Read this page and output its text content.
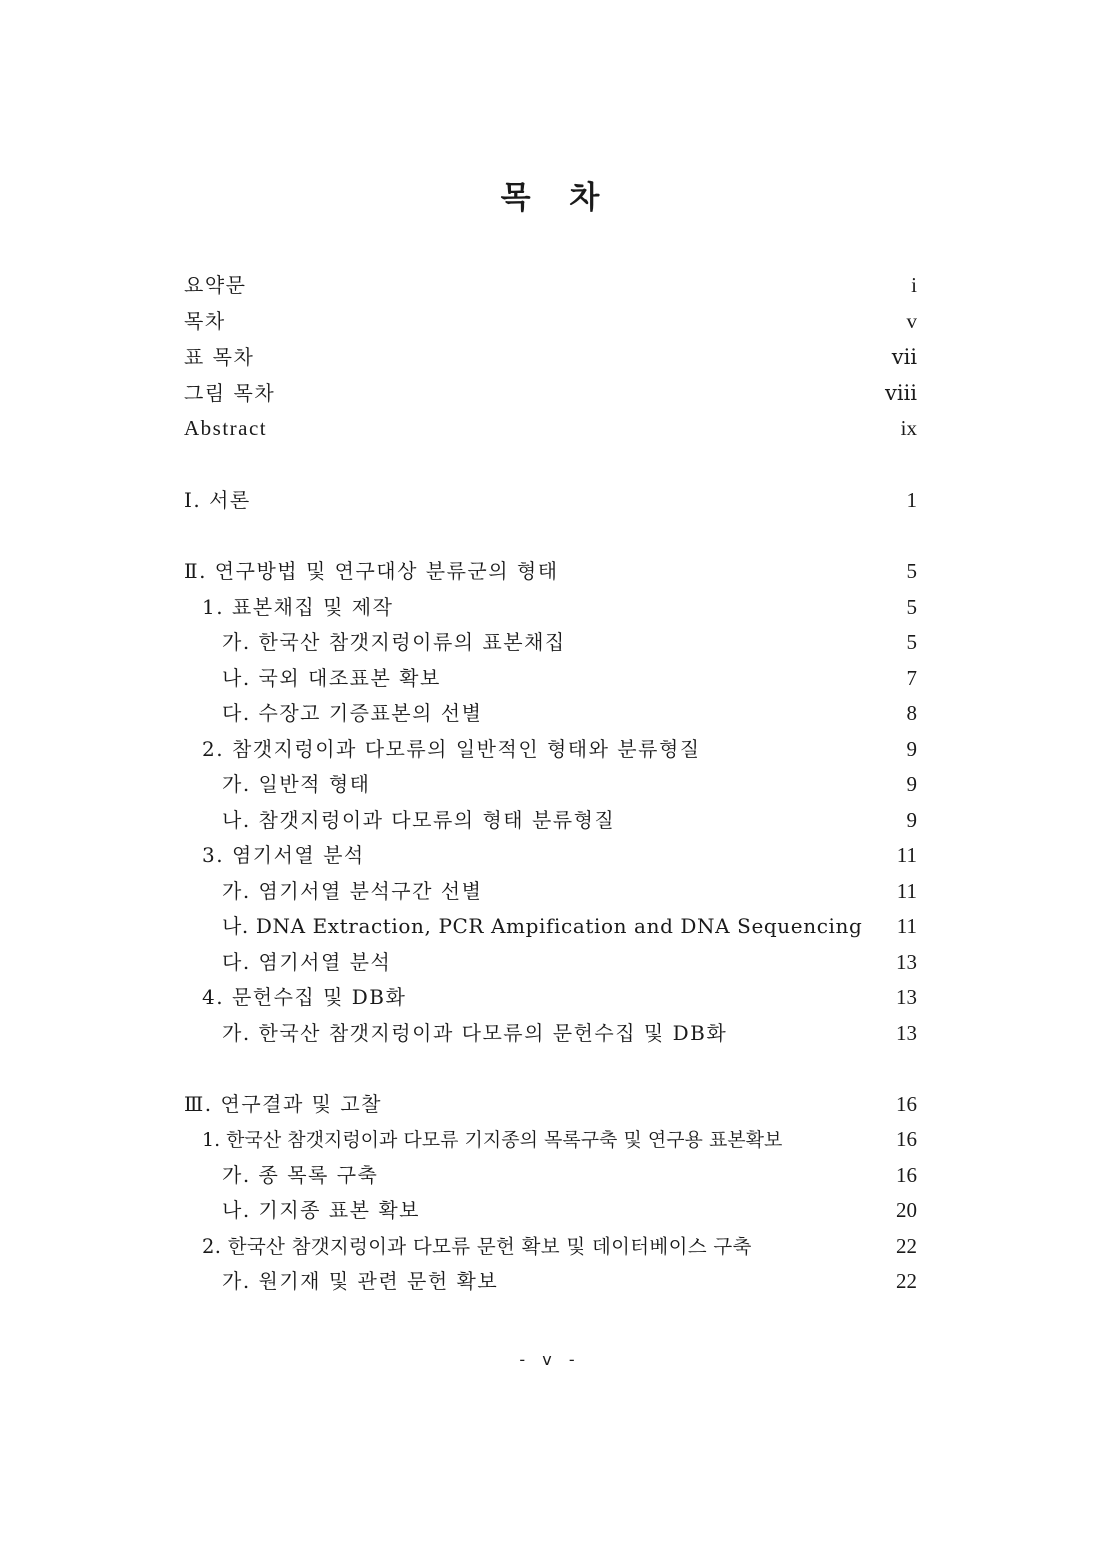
목 차
요약문	i
목차	v
표 목차	ⅶ
그림 목차	ⅷ
Abstract	ix
Ⅰ. 서론	1
Ⅱ. 연구방법 및 연구대상 분류군의 형태	5
1. 표본채집 및 제작	5
가. 한국산 참갯지렁이류의 표본채집	5
나. 국외 대조표본 확보	7
다. 수장고 기증표본의 선별	8
2. 참갯지렁이과 다모류의 일반적인 형태와 분류형질	9
가. 일반적 형태	9
나. 참갯지렁이과 다모류의 형태 분류형질	9
3. 염기서열 분석	11
가. 염기서열 분석구간 선별	11
나. DNA Extraction, PCR Ampification and DNA Sequencing 11
다. 염기서열 분석	13
4. 문헌수집 및 DB화	13
가. 한국산 참갯지렁이과 다모류의 문헌수집 및 DB화	13
Ⅲ. 연구결과 및 고찰	16
1. 한국산 참갯지렁이과 다모류 기지종의 목록구축 및 연구용 표본확보	16
가. 종 목록 구축	16
나. 기지종 표본 확보	20
2. 한국산 참갯지렁이과 다모류 문헌 확보 및 데이터베이스 구축	22
가. 원기재 및 관련 문헌 확보	22
- v -
